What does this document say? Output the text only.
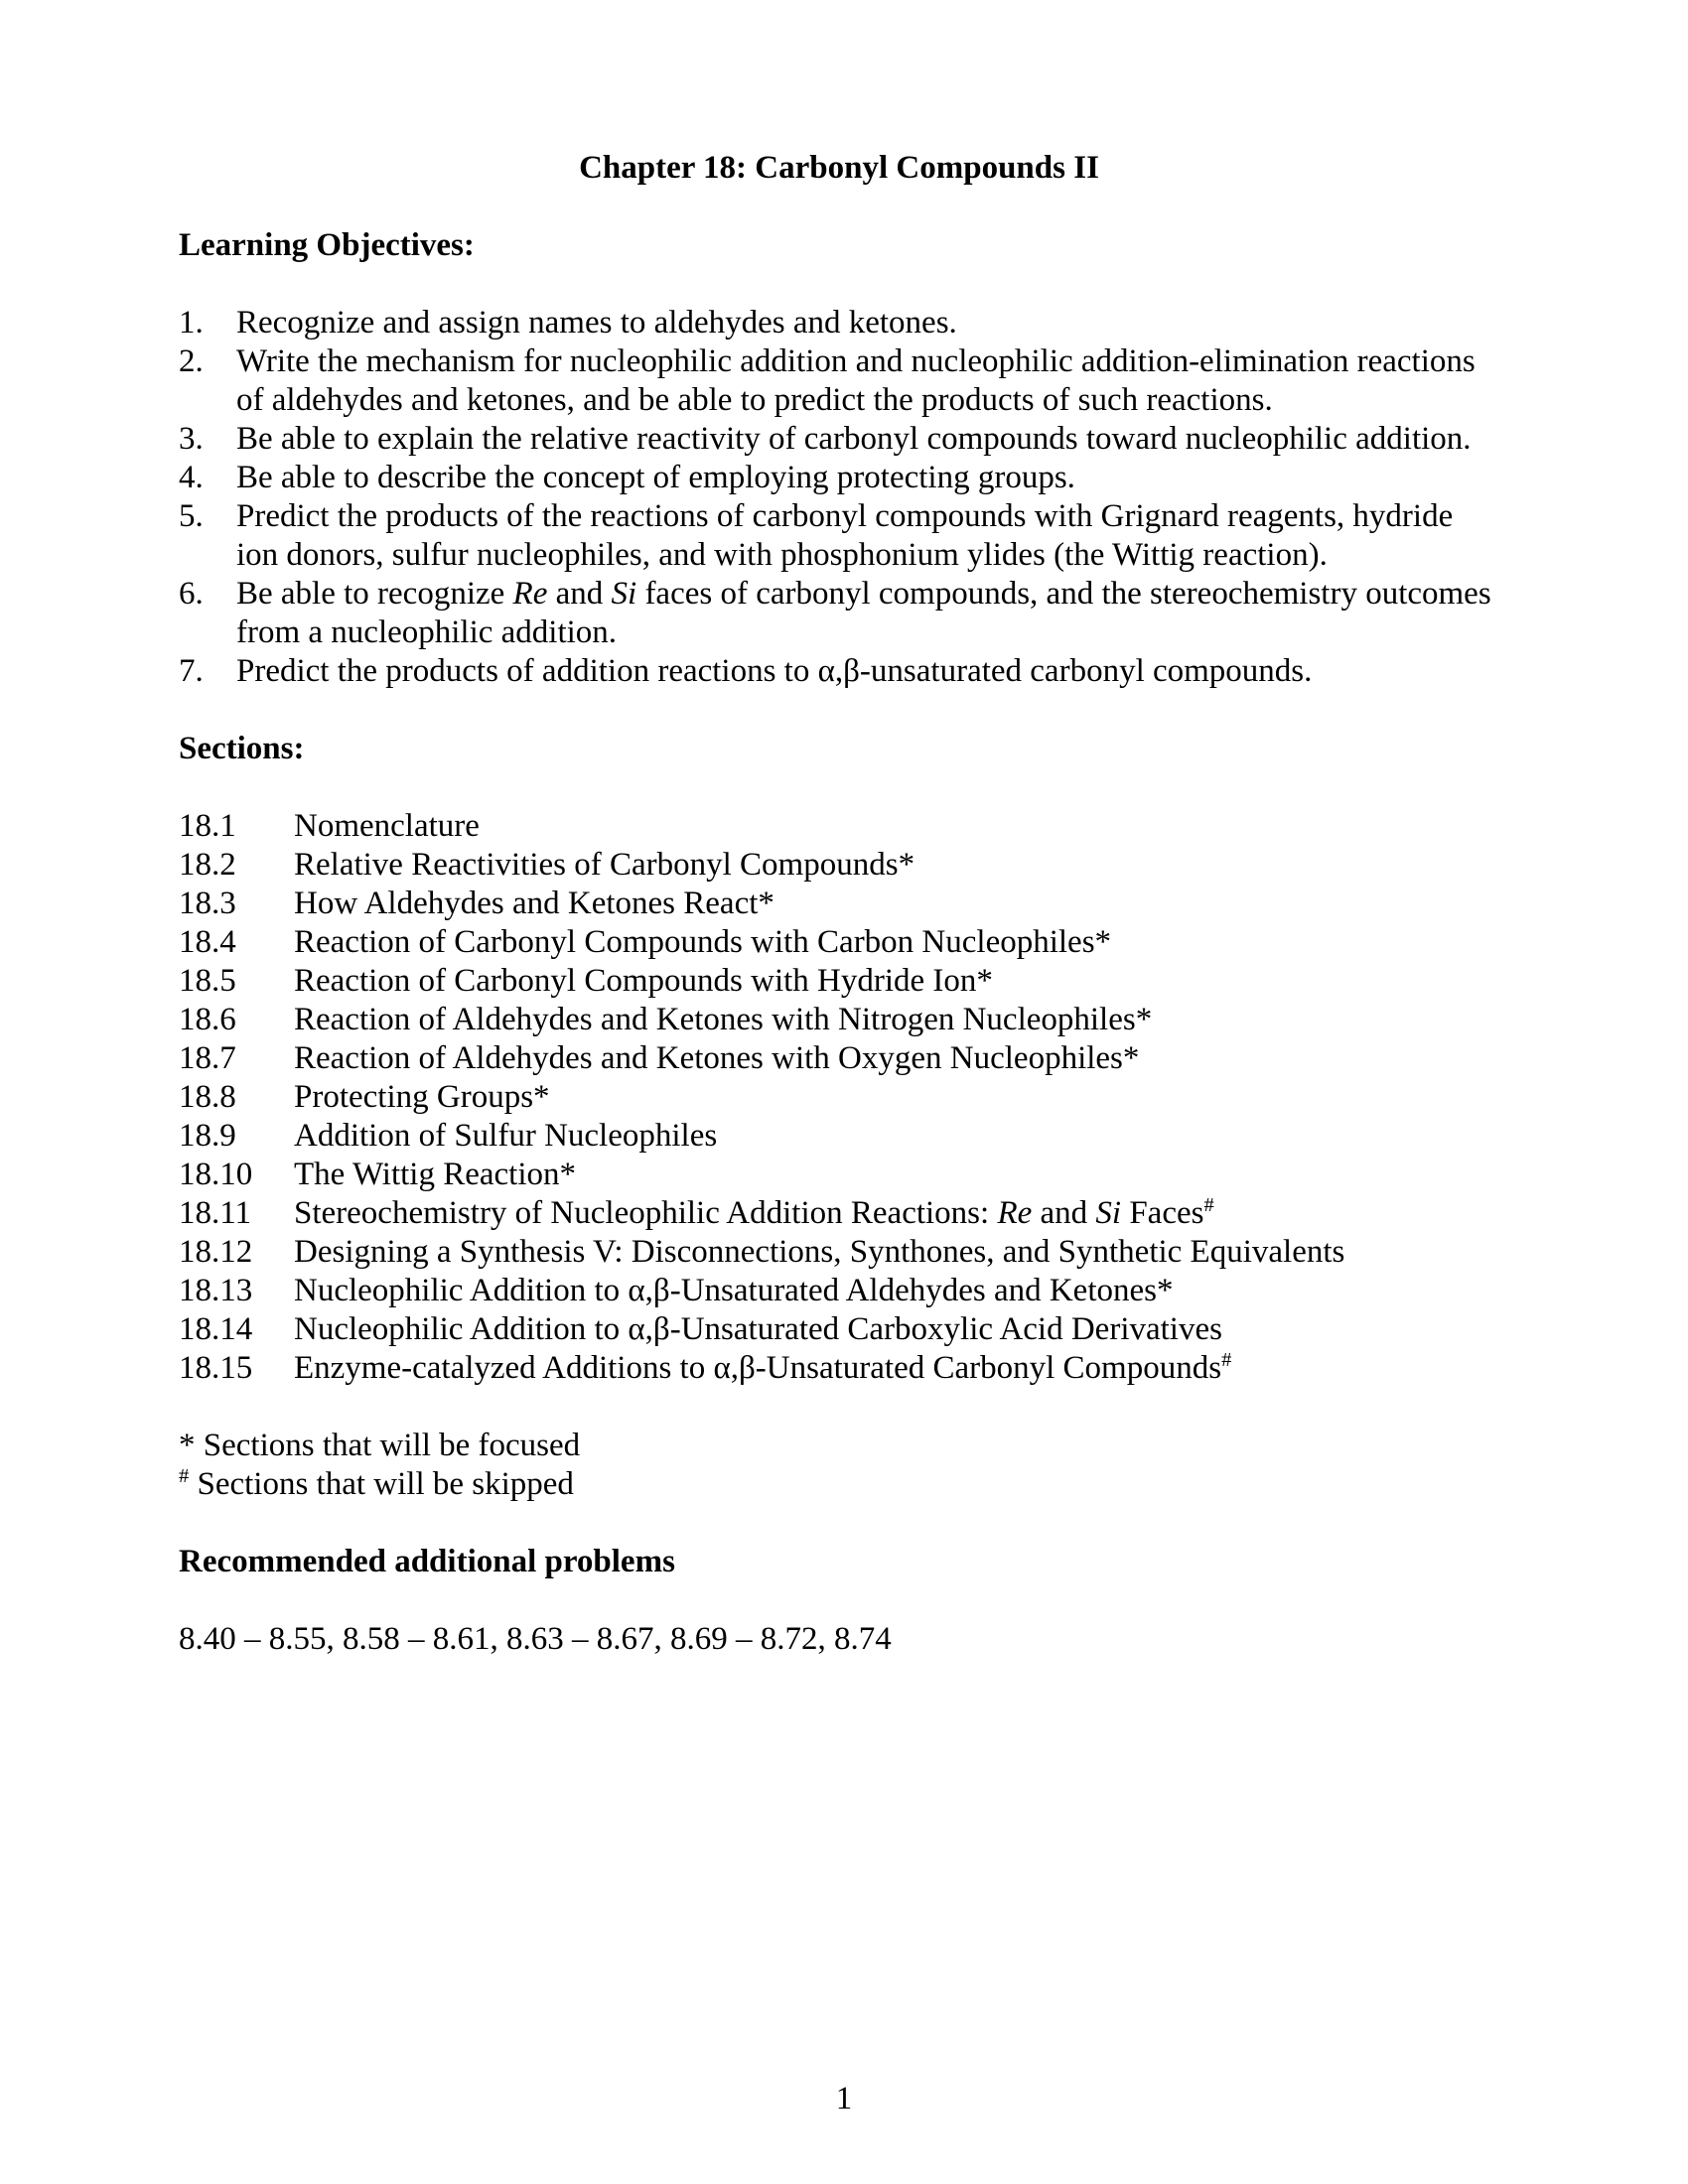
Chapter 18: Carbonyl Compounds II
Learning Objectives:
1.	Recognize and assign names to aldehydes and ketones.
2.	Write the mechanism for nucleophilic addition and nucleophilic addition-elimination reactions of aldehydes and ketones, and be able to predict the products of such reactions.
3.	Be able to explain the relative reactivity of carbonyl compounds toward nucleophilic addition.
4.	Be able to describe the concept of employing protecting groups.
5.	Predict the products of the reactions of carbonyl compounds with Grignard reagents, hydride ion donors, sulfur nucleophiles, and with phosphonium ylides (the Wittig reaction).
6.	Be able to recognize Re and Si faces of carbonyl compounds, and the stereochemistry outcomes from a nucleophilic addition.
7.	Predict the products of addition reactions to α,β-unsaturated carbonyl compounds.
Sections:
18.1	Nomenclature
18.2	Relative Reactivities of Carbonyl Compounds*
18.3	How Aldehydes and Ketones React*
18.4	Reaction of Carbonyl Compounds with Carbon Nucleophiles*
18.5	Reaction of Carbonyl Compounds with Hydride Ion*
18.6	Reaction of Aldehydes and Ketones with Nitrogen Nucleophiles*
18.7	Reaction of Aldehydes and Ketones with Oxygen Nucleophiles*
18.8	Protecting Groups*
18.9	Addition of Sulfur Nucleophiles
18.10	The Wittig Reaction*
18.11	Stereochemistry of Nucleophilic Addition Reactions: Re and Si Faces#
18.12	Designing a Synthesis V: Disconnections, Synthones, and Synthetic Equivalents
18.13	Nucleophilic Addition to α,β-Unsaturated Aldehydes and Ketones*
18.14	Nucleophilic Addition to α,β-Unsaturated Carboxylic Acid Derivatives
18.15	Enzyme-catalyzed Additions to α,β-Unsaturated Carbonyl Compounds#
* Sections that will be focused
# Sections that will be skipped
Recommended additional problems

8.40 – 8.55, 8.58 – 8.61, 8.63 – 8.67, 8.69 – 8.72, 8.74

1
